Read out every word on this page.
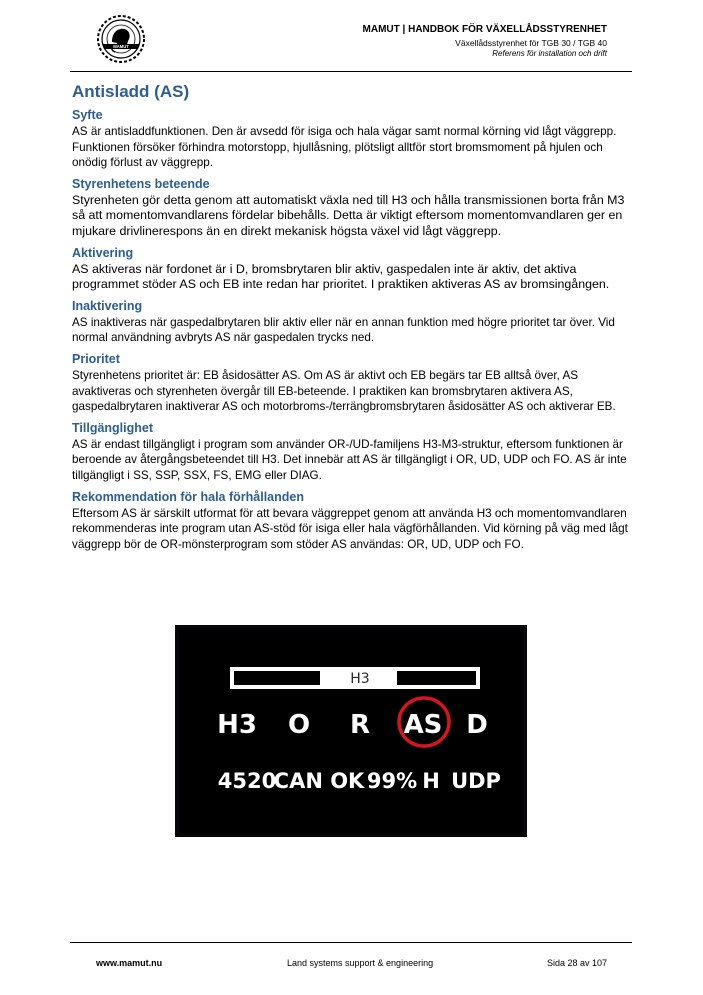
MAMUT
MAMUT | HANDBOK FÖR VÄXELLÅDSSTYRENHET
Växellådsstyrenhet för TGB 30 / TGB 40
Referens för installation och drift
Antisladd (AS)
Syfte

AS är antisladdfunktionen. Den är avsedd för isiga och hala vägar samt normal körning vid lågt väggrepp. Funktionen försöker förhindra motorstopp, hjullåsning, plötsligt alltför stort bromsmoment på hjulen och onödig förlust av väggrepp.

Styrenhetens beteende

Styrenheten gör detta genom att automatiskt växla ned till H3 och hålla transmissionen borta från M3 så att momentomvandlarens fördelar bibehålls. Detta är viktigt eftersom momentomvandlaren ger en mjukare drivlinerespons än en direkt mekanisk högsta växel vid lågt väggrepp.

Aktivering

AS aktiveras när fordonet är i D, bromsbrytaren blir aktiv, gaspedalen inte är aktiv, det aktiva programmet stöder AS och EB inte redan har prioritet. I praktiken aktiveras AS av bromsingången.

Inaktivering

AS inaktiveras när gaspedalbrytaren blir aktiv eller när en annan funktion med högre prioritet tar över. Vid normal användning avbryts AS när gaspedalen trycks ned.

Prioritet

Styrenhetens prioritet är: EB åsidosätter AS. Om AS är aktivt och EB begärs tar EB alltså över, AS avaktiveras och styrenheten övergår till EB-beteende. I praktiken kan bromsbrytaren aktivera AS, gaspedalbrytaren inaktiverar AS och motorbroms-/terrängbromsbrytaren åsidosätter AS och aktiverar EB.

Tillgänglighet

AS är endast tillgängligt i program som använder OR-/UD-familjens H3-M3-struktur, eftersom funktionen är beroende av återgångsbeteendet till H3. Det innebär att AS är tillgängligt i OR, UD, UDP och FO. AS är inte tillgängligt i SS, SSP, SSX, FS, EMG eller DIAG.

Rekommendation för hala förhållanden

Eftersom AS är särskilt utformat för att bevara väggreppet genom att använda H3 och momentomvandlaren rekommenderas inte program utan AS-stöd för isiga eller hala vägförhållanden. Vid körning på väg med lågt väggrepp bör de OR-mönsterprogram som stöder AS användas: OR, UD, UDP och FO.

H3
H3 O R AS D
4520
CAN OK 99% H UDP
www.mamut.nu	Land systems support & engineering	Sida 28 av 107
